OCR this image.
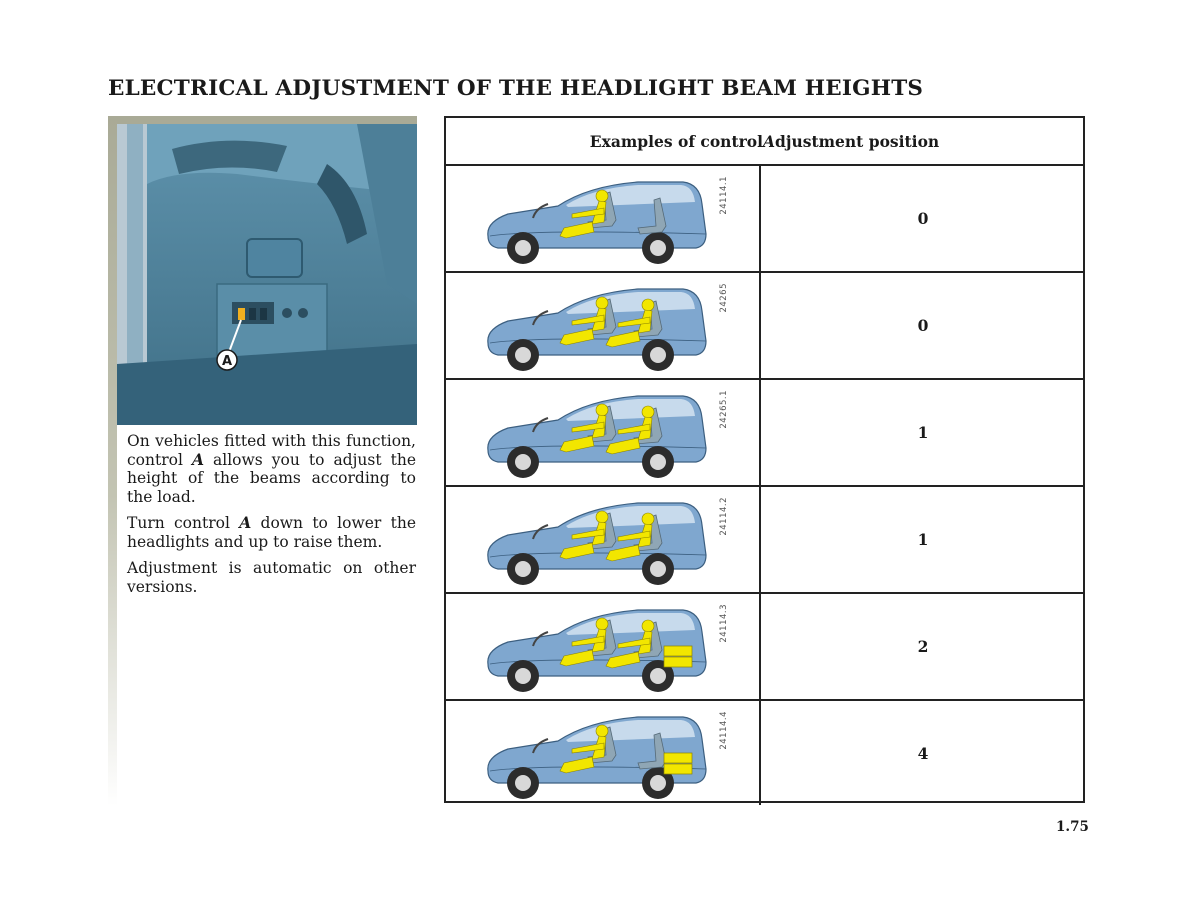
ELECTRICAL ADJUSTMENT OF THE HEADLIGHT BEAM HEIGHTS
A

On vehicles fitted with this function, control A allows you to adjust the height of the beams according to the load.

Turn control A down to lower the headlights and up to raise them.

Adjustment is automatic on other versions.

Examples of control A djustment position
24114.1
0
24265
0
24265.1
1
24114.2
1
24114.3
2
24114.4
4
1.75
